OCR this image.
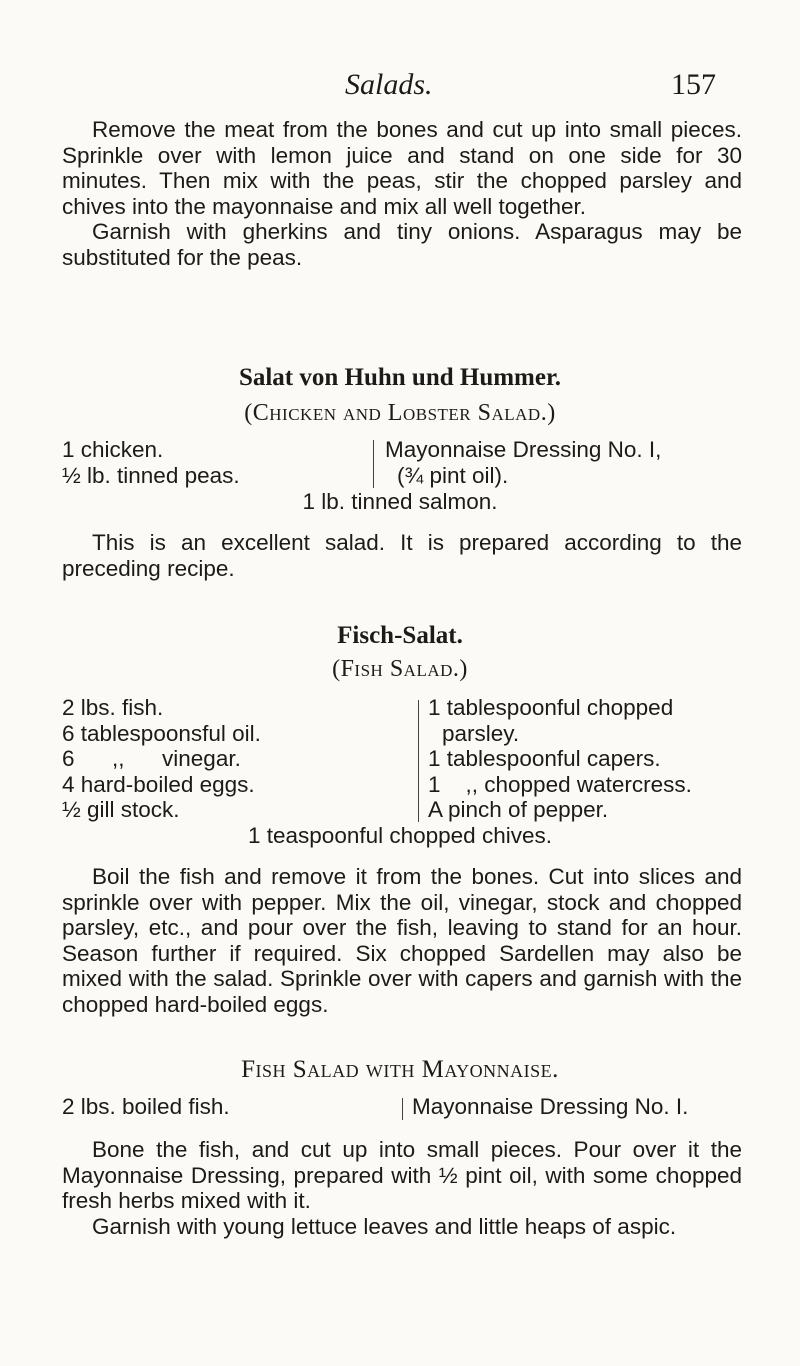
Salads.	157
Remove the meat from the bones and cut up into small pieces. Sprinkle over with lemon juice and stand on one side for 30 minutes. Then mix with the peas, stir the chopped parsley and chives into the mayonnaise and mix all well together.
Garnish with gherkins and tiny onions. Asparagus may be substituted for the peas.
Salat von Huhn und Hummer.
(Chicken and Lobster Salad.)
1 chicken.
½ lb. tinned peas.
Mayonnaise Dressing No. I,
(¾ pint oil).
1 lb. tinned salmon.
This is an excellent salad. It is prepared according to the preceding recipe.
Fisch-Salat.
(Fish Salad.)
2 lbs. fish.
6 tablespoonsful oil.
6      ,,      vinegar.
4 hard-boiled eggs.
½ gill stock.
1 tablespoonful chopped
parsley.
1 tablespoonful capers.
1    ,, chopped watercress.
A pinch of pepper.
1 teaspoonful chopped chives.
Boil the fish and remove it from the bones. Cut into slices and sprinkle over with pepper. Mix the oil, vinegar, stock and chopped parsley, etc., and pour over the fish, leaving to stand for an hour. Season further if required. Six chopped Sardellen may also be mixed with the salad. Sprinkle over with capers and garnish with the chopped hard-boiled eggs.
Fish Salad with Mayonnaise.
2 lbs. boiled fish.	Mayonnaise Dressing No. I.
Bone the fish, and cut up into small pieces. Pour over it the Mayonnaise Dressing, prepared with ½ pint oil, with some chopped fresh herbs mixed with it.
Garnish with young lettuce leaves and little heaps of aspic.
